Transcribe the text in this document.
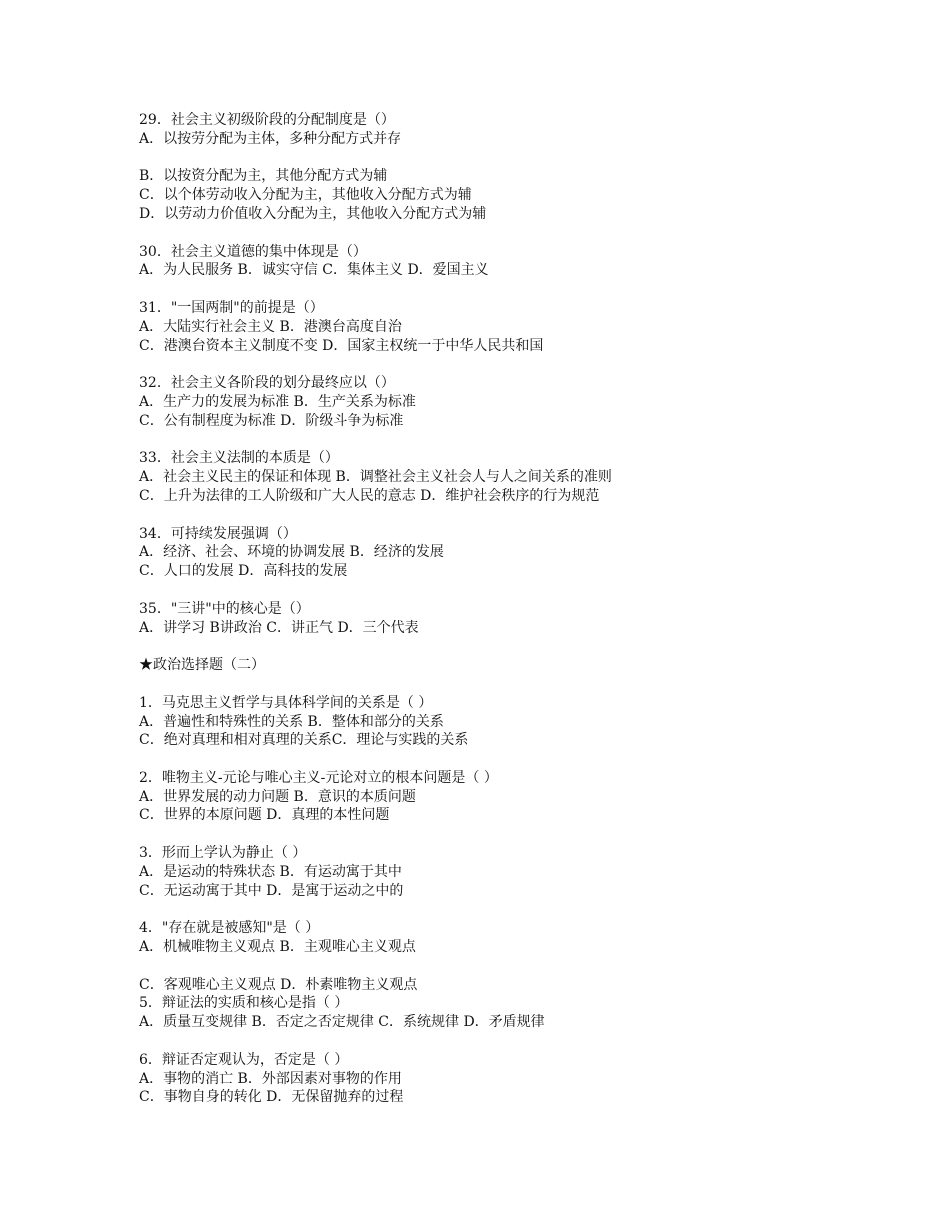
29．社会主义初级阶段的分配制度是（）
A．以按劳分配为主体，多种分配方式并存
B．以按资分配为主，其他分配方式为辅
C．以个体劳动收入分配为主，其他收入分配方式为辅
D．以劳动力价值收入分配为主，其他收入分配方式为辅
30．社会主义道德的集中体现是（）
A．为人民服务 B．诚实守信 C．集体主义 D．爱国主义
31．"一国两制"的前提是（）
A．大陆实行社会主义 B．港澳台高度自治
C．港澳台资本主义制度不变 D．国家主权统一于中华人民共和国
32．社会主义各阶段的划分最终应以（）
A．生产力的发展为标准 B．生产关系为标准
C．公有制程度为标准 D．阶级斗争为标准
33．社会主义法制的本质是（）
A．社会主义民主的保证和体现 B．调整社会主义社会人与人之间关系的准则
C．上升为法律的工人阶级和广大人民的意志 D．维护社会秩序的行为规范
34．可持续发展强调（）
A．经济、社会、环境的协调发展 B．经济的发展
C．人口的发展 D．高科技的发展
35．"三讲"中的核心是（）
A．讲学习 B讲政治 C．讲正气 D．三个代表
★政治选择题（二）
1．马克思主义哲学与具体科学间的关系是（ ）
A．普遍性和特殊性的关系 B．整体和部分的关系
C．绝对真理和相对真理的关系C．理论与实践的关系
2．唯物主义-元论与唯心主义-元论对立的根本问题是（ ）
A．世界发展的动力问题 B．意识的本质问题
C．世界的本原问题 D．真理的本性问题
3．形而上学认为静止（ ）
A．是运动的特殊状态 B．有运动寓于其中
C．无运动寓于其中 D．是寓于运动之中的
4．"存在就是被感知"是（ ）
A．机械唯物主义观点 B．主观唯心主义观点
C．客观唯心主义观点 D．朴素唯物主义观点
5．辩证法的实质和核心是指（ ）
A．质量互变规律 B．否定之否定规律 C．系统规律 D．矛盾规律
6．辩证否定观认为，否定是（ ）
A．事物的消亡 B．外部因素对事物的作用
C．事物自身的转化 D．无保留抛弃的过程
